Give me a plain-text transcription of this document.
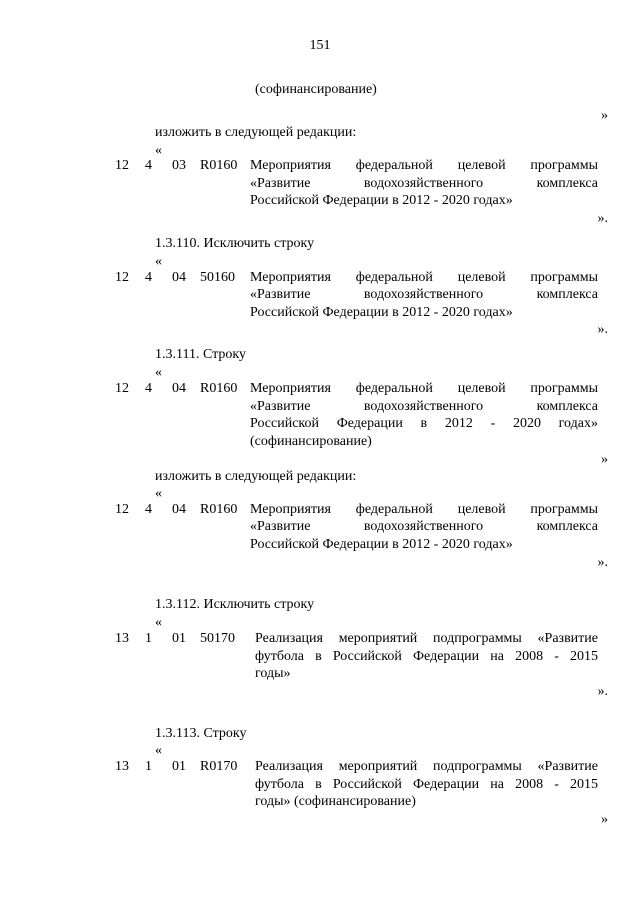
151
(софинансирование)
»
изложить в следующей редакции:
«
12 4 03 R0160 Мероприятия федеральной целевой программы
«Развитие водохозяйственного комплекса
Российской Федерации в 2012 - 2020 годах»
».
1.3.110. Исключить строку
«
12 4 04 50160 Мероприятия федеральной целевой программы
«Развитие водохозяйственного комплекса
Российской Федерации в 2012 - 2020 годах»
».
1.3.111. Строку
«
12 4 04 R0160 Мероприятия федеральной целевой программы
«Развитие водохозяйственного комплекса
Российской Федерации в 2012 - 2020 годах»
(софинансирование)
»
изложить в следующей редакции:
«
12 4 04 R0160 Мероприятия федеральной целевой программы
«Развитие водохозяйственного комплекса
Российской Федерации в 2012 - 2020 годах»
».
1.3.112. Исключить строку
«
13 1 01 50170 Реализация мероприятий подпрограммы «Развитие
футбола в Российской Федерации на 2008 - 2015
годы»
».
1.3.113. Строку
«
13 1 01 R0170 Реализация мероприятий подпрограммы «Развитие
футбола в Российской Федерации на 2008 - 2015
годы» (софинансирование)
»
